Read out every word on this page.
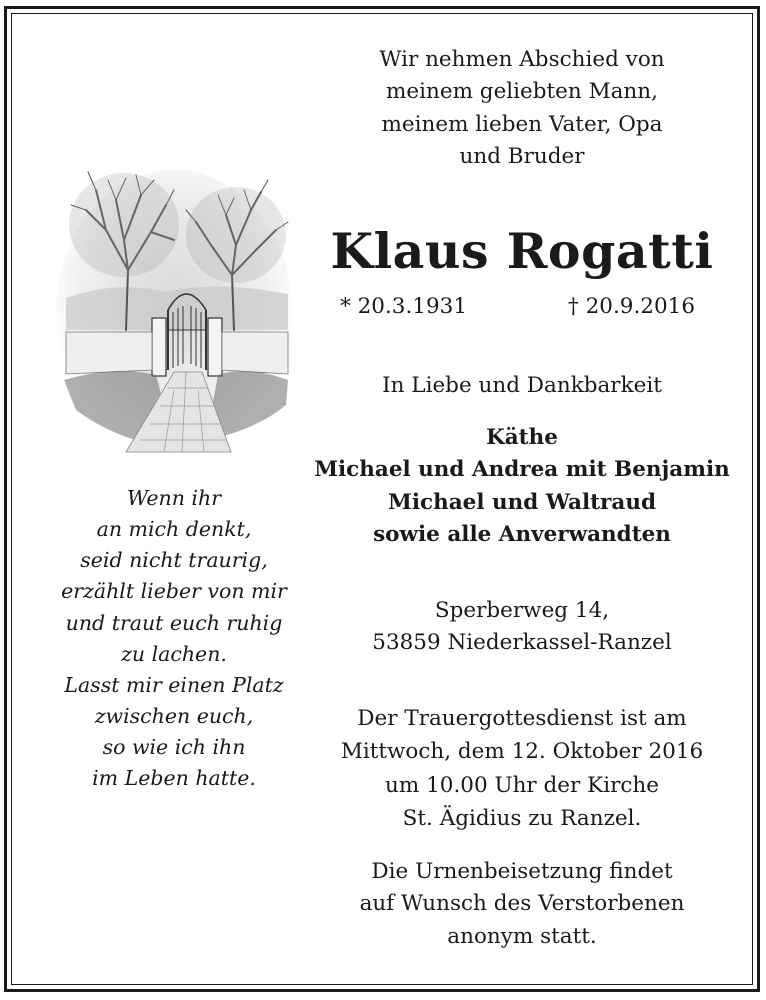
Wir nehmen Abschied von
meinem geliebten Mann,
meinem lieben Vater, Opa
und Bruder
Klaus Rogatti
* 20.3.1931	† 20.9.2016
In Liebe und Dankbarkeit
Käthe
Michael und Andrea mit Benjamin
Michael und Waltraud
sowie alle Anverwandten
Sperberweg 14,
53859 Niederkassel-Ranzel
Der Trauergottesdienst ist am
Mittwoch, dem 12. Oktober 2016
um 10.00 Uhr der Kirche
St. Ägidius zu Ranzel.
Die Urnenbeisetzung findet
auf Wunsch des Verstorbenen
anonym statt.
Wenn ihr
an mich denkt,
seid nicht traurig,
erzählt lieber von mir
und traut euch ruhig
zu lachen.
Lasst mir einen Platz
zwischen euch,
so wie ich ihn
im Leben hatte.
